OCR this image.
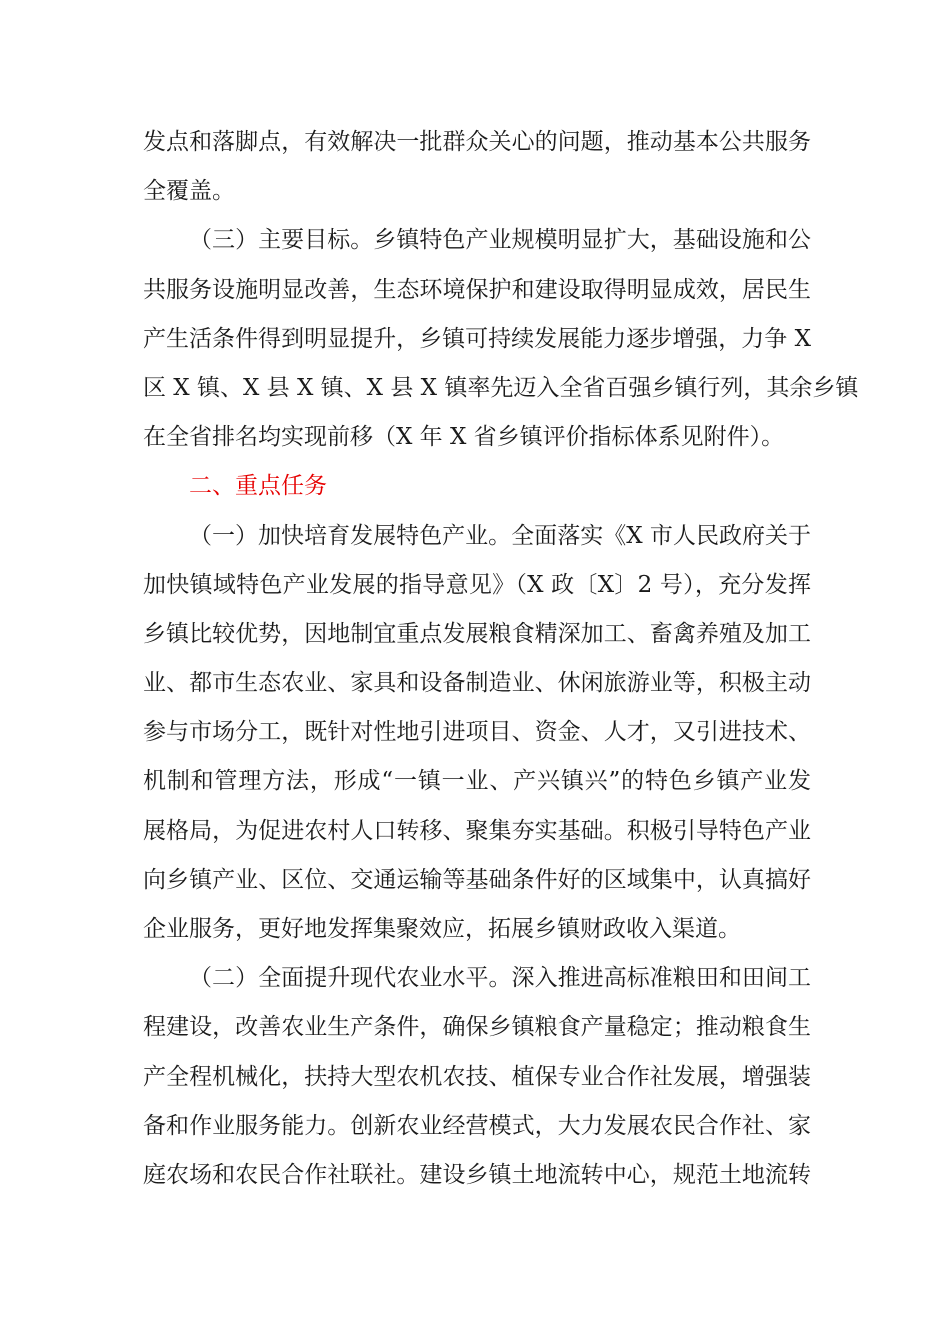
发点和落脚点，有效解决一批群众关心的问题，推动基本公共服务
全覆盖。
（三）主要目标。乡镇特色产业规模明显扩大，基础设施和公
共服务设施明显改善，生态环境保护和建设取得明显成效，居民生
产生活条件得到明显提升，乡镇可持续发展能力逐步增强，力争 X
区 X 镇、X 县 X 镇、X 县 X 镇率先迈入全省百强乡镇行列，其余乡镇
在全省排名均实现前移（X 年 X 省乡镇评价指标体系见附件）。
二、重点任务
（一）加快培育发展特色产业。全面落实《X 市人民政府关于
加快镇域特色产业发展的指导意见》（X 政〔X〕2 号），充分发挥
乡镇比较优势，因地制宜重点发展粮食精深加工、畜禽养殖及加工
业、都市生态农业、家具和设备制造业、休闲旅游业等，积极主动
参与市场分工，既针对性地引进项目、资金、人才，又引进技术、
机制和管理方法，形成“一镇一业、产兴镇兴”的特色乡镇产业发
展格局，为促进农村人口转移、聚集夯实基础。积极引导特色产业
向乡镇产业、区位、交通运输等基础条件好的区域集中，认真搞好
企业服务，更好地发挥集聚效应，拓展乡镇财政收入渠道。
（二）全面提升现代农业水平。深入推进高标准粮田和田间工
程建设，改善农业生产条件，确保乡镇粮食产量稳定；推动粮食生
产全程机械化，扶持大型农机农技、植保专业合作社发展，增强装
备和作业服务能力。创新农业经营模式，大力发展农民合作社、家
庭农场和农民合作社联社。建设乡镇土地流转中心，规范土地流转
